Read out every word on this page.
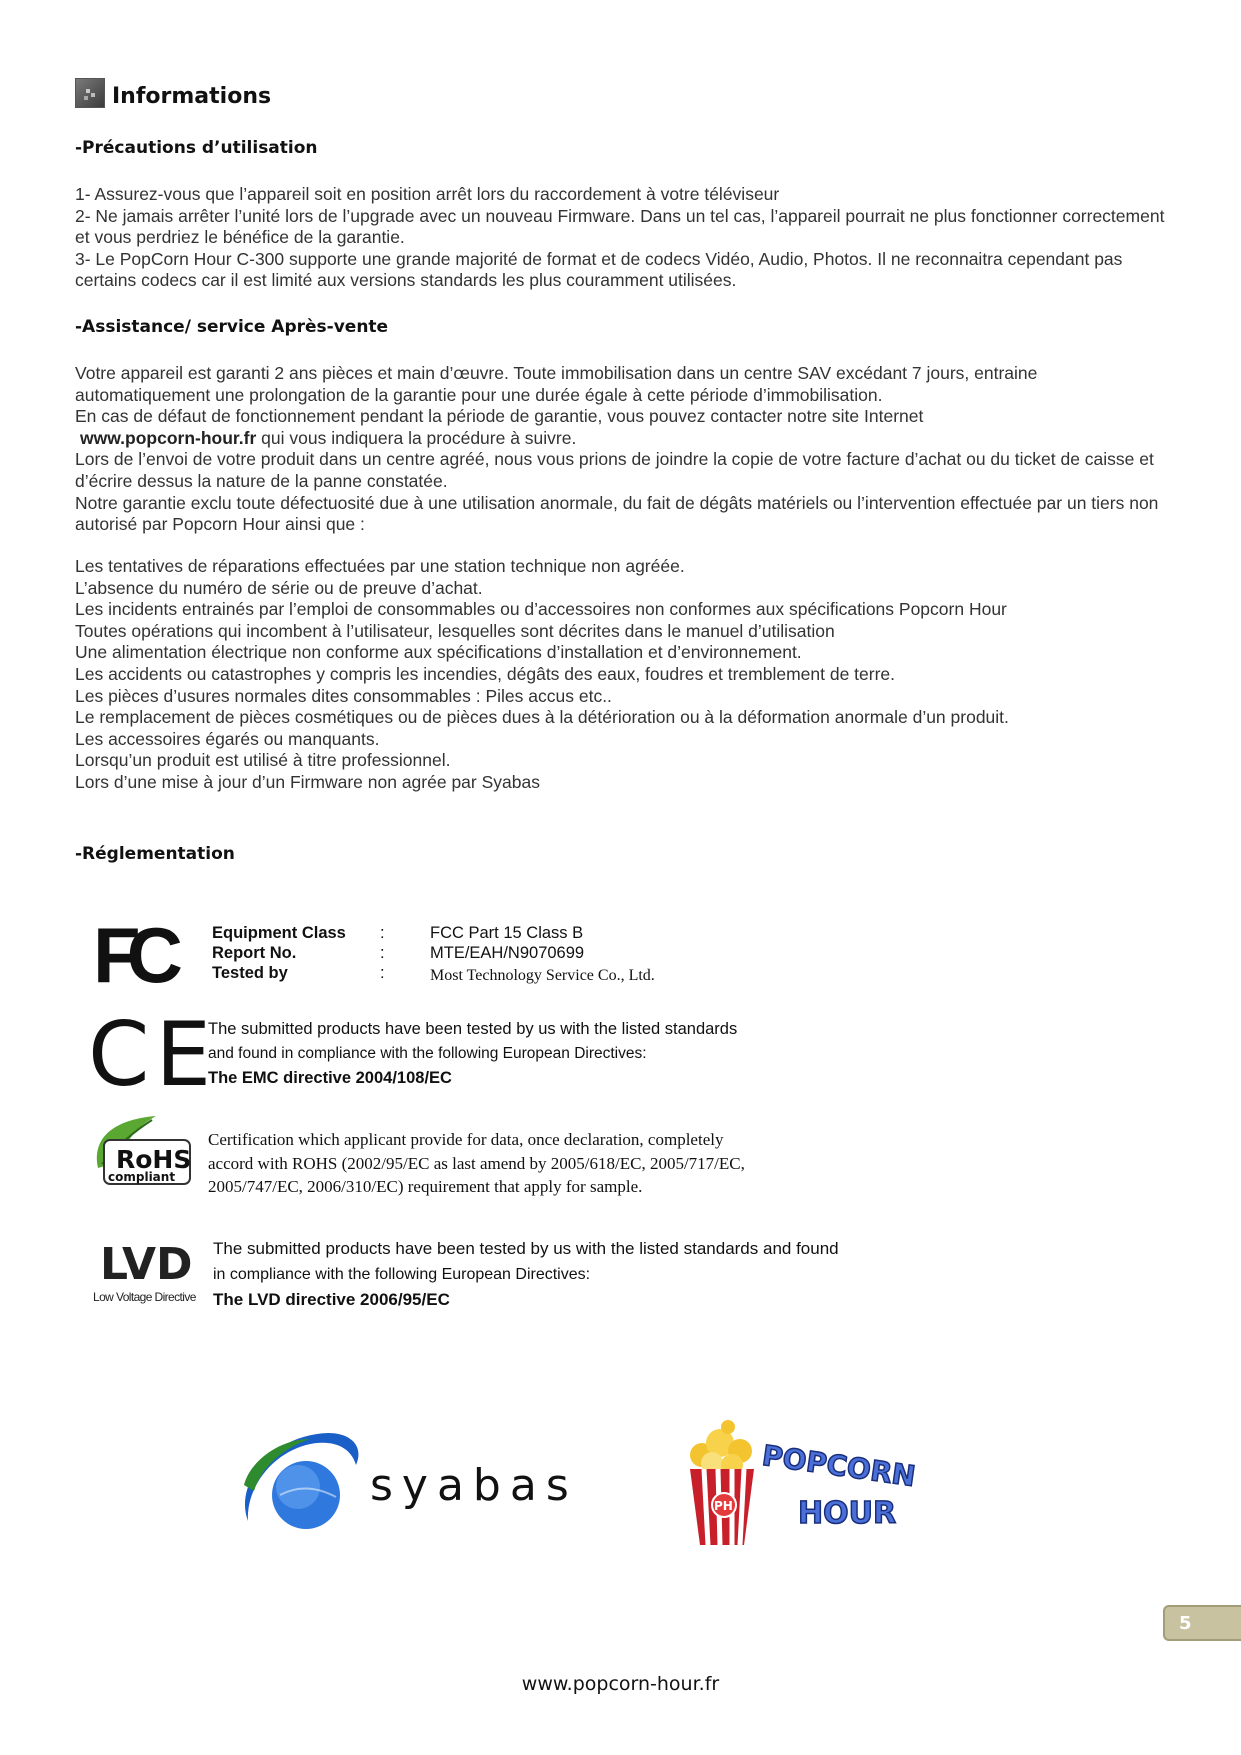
Informations
-Précautions d’utilisation

1- Assurez-vous que l’appareil soit en position arrêt lors du raccordement à votre téléviseur

2- Ne jamais arrêter l’unité lors de l’upgrade avec un nouveau Firmware. Dans un tel cas, l’appareil pourrait ne plus fonctionner correctement et vous perdriez le bénéfice de la garantie.

3- Le PopCorn Hour C-300 supporte une grande majorité de format et de codecs Vidéo, Audio, Photos. Il ne reconnaitra cependant pas certains codecs car il est limité aux versions standards les plus couramment utilisées.

-Assistance/ service Après-vente

Votre appareil est garanti 2 ans pièces et main d’œuvre. Toute immobilisation dans un centre SAV excédant 7 jours, entraine automatiquement une prolongation de la garantie pour une durée égale à cette période d’immobilisation.

En cas de défaut de fonctionnement pendant la période de garantie, vous pouvez contacter notre site Internet

www.popcorn-hour.fr qui vous indiquera la procédure à suivre.

Lors de l’envoi de votre produit dans un centre agréé, nous vous prions de joindre la copie de votre facture d’achat ou du ticket de caisse et d’écrire dessus la nature de la panne constatée.

Notre garantie exclu toute défectuosité due à une utilisation anormale, du fait de dégâts matériels ou l’intervention effectuée par un tiers non autorisé par Popcorn Hour ainsi que :

Les tentatives de réparations effectuées par une station technique non agréée.

L’absence du numéro de série ou de preuve d’achat.

Les incidents entrainés par l’emploi de consommables ou d’accessoires non conformes aux spécifications Popcorn Hour

Toutes opérations qui incombent à l’utilisateur, lesquelles sont décrites dans le manuel d’utilisation

Une alimentation électrique non conforme aux spécifications d’installation et d’environnement.

Les accidents ou catastrophes y compris les incendies, dégâts des eaux, foudres et tremblement de terre.

Les pièces d’usures normales dites consommables : Piles accus etc..

Le remplacement de pièces cosmétiques ou de pièces dues à la détérioration ou à la déformation anormale d’un produit.

Les accessoires égarés ou manquants.

Lorsqu’un produit est utilisé à titre professionnel.

Lors d’une mise à jour d’un Firmware non agrée par Syabas

-Réglementation
FC	Equipment Class :	FCC Part 15 Class B
Report No.	:	MTE/EAH/N9070699
Tested by	:	Most Technology Service Co., Ltd.
CE
The submitted products have been tested by us with the listed standards
and found in compliance with the following European Directives:
The EMC directive 2004/108/EC
RoHS
compliant
Certification which applicant provide for data, once declaration, completely
accord with ROHS (2002/95/EC as last amend by 2005/618/EC, 2005/717/EC,
2005/747/EC, 2006/310/EC) requirement that apply for sample.
LVD
Low Voltage Directive
The submitted products have been tested by us with the listed standards and found
in compliance with the following European Directives:
The LVD directive 2006/95/EC
syabas	PH
POPCORN
HOUR
5
www.popcorn-hour.fr
